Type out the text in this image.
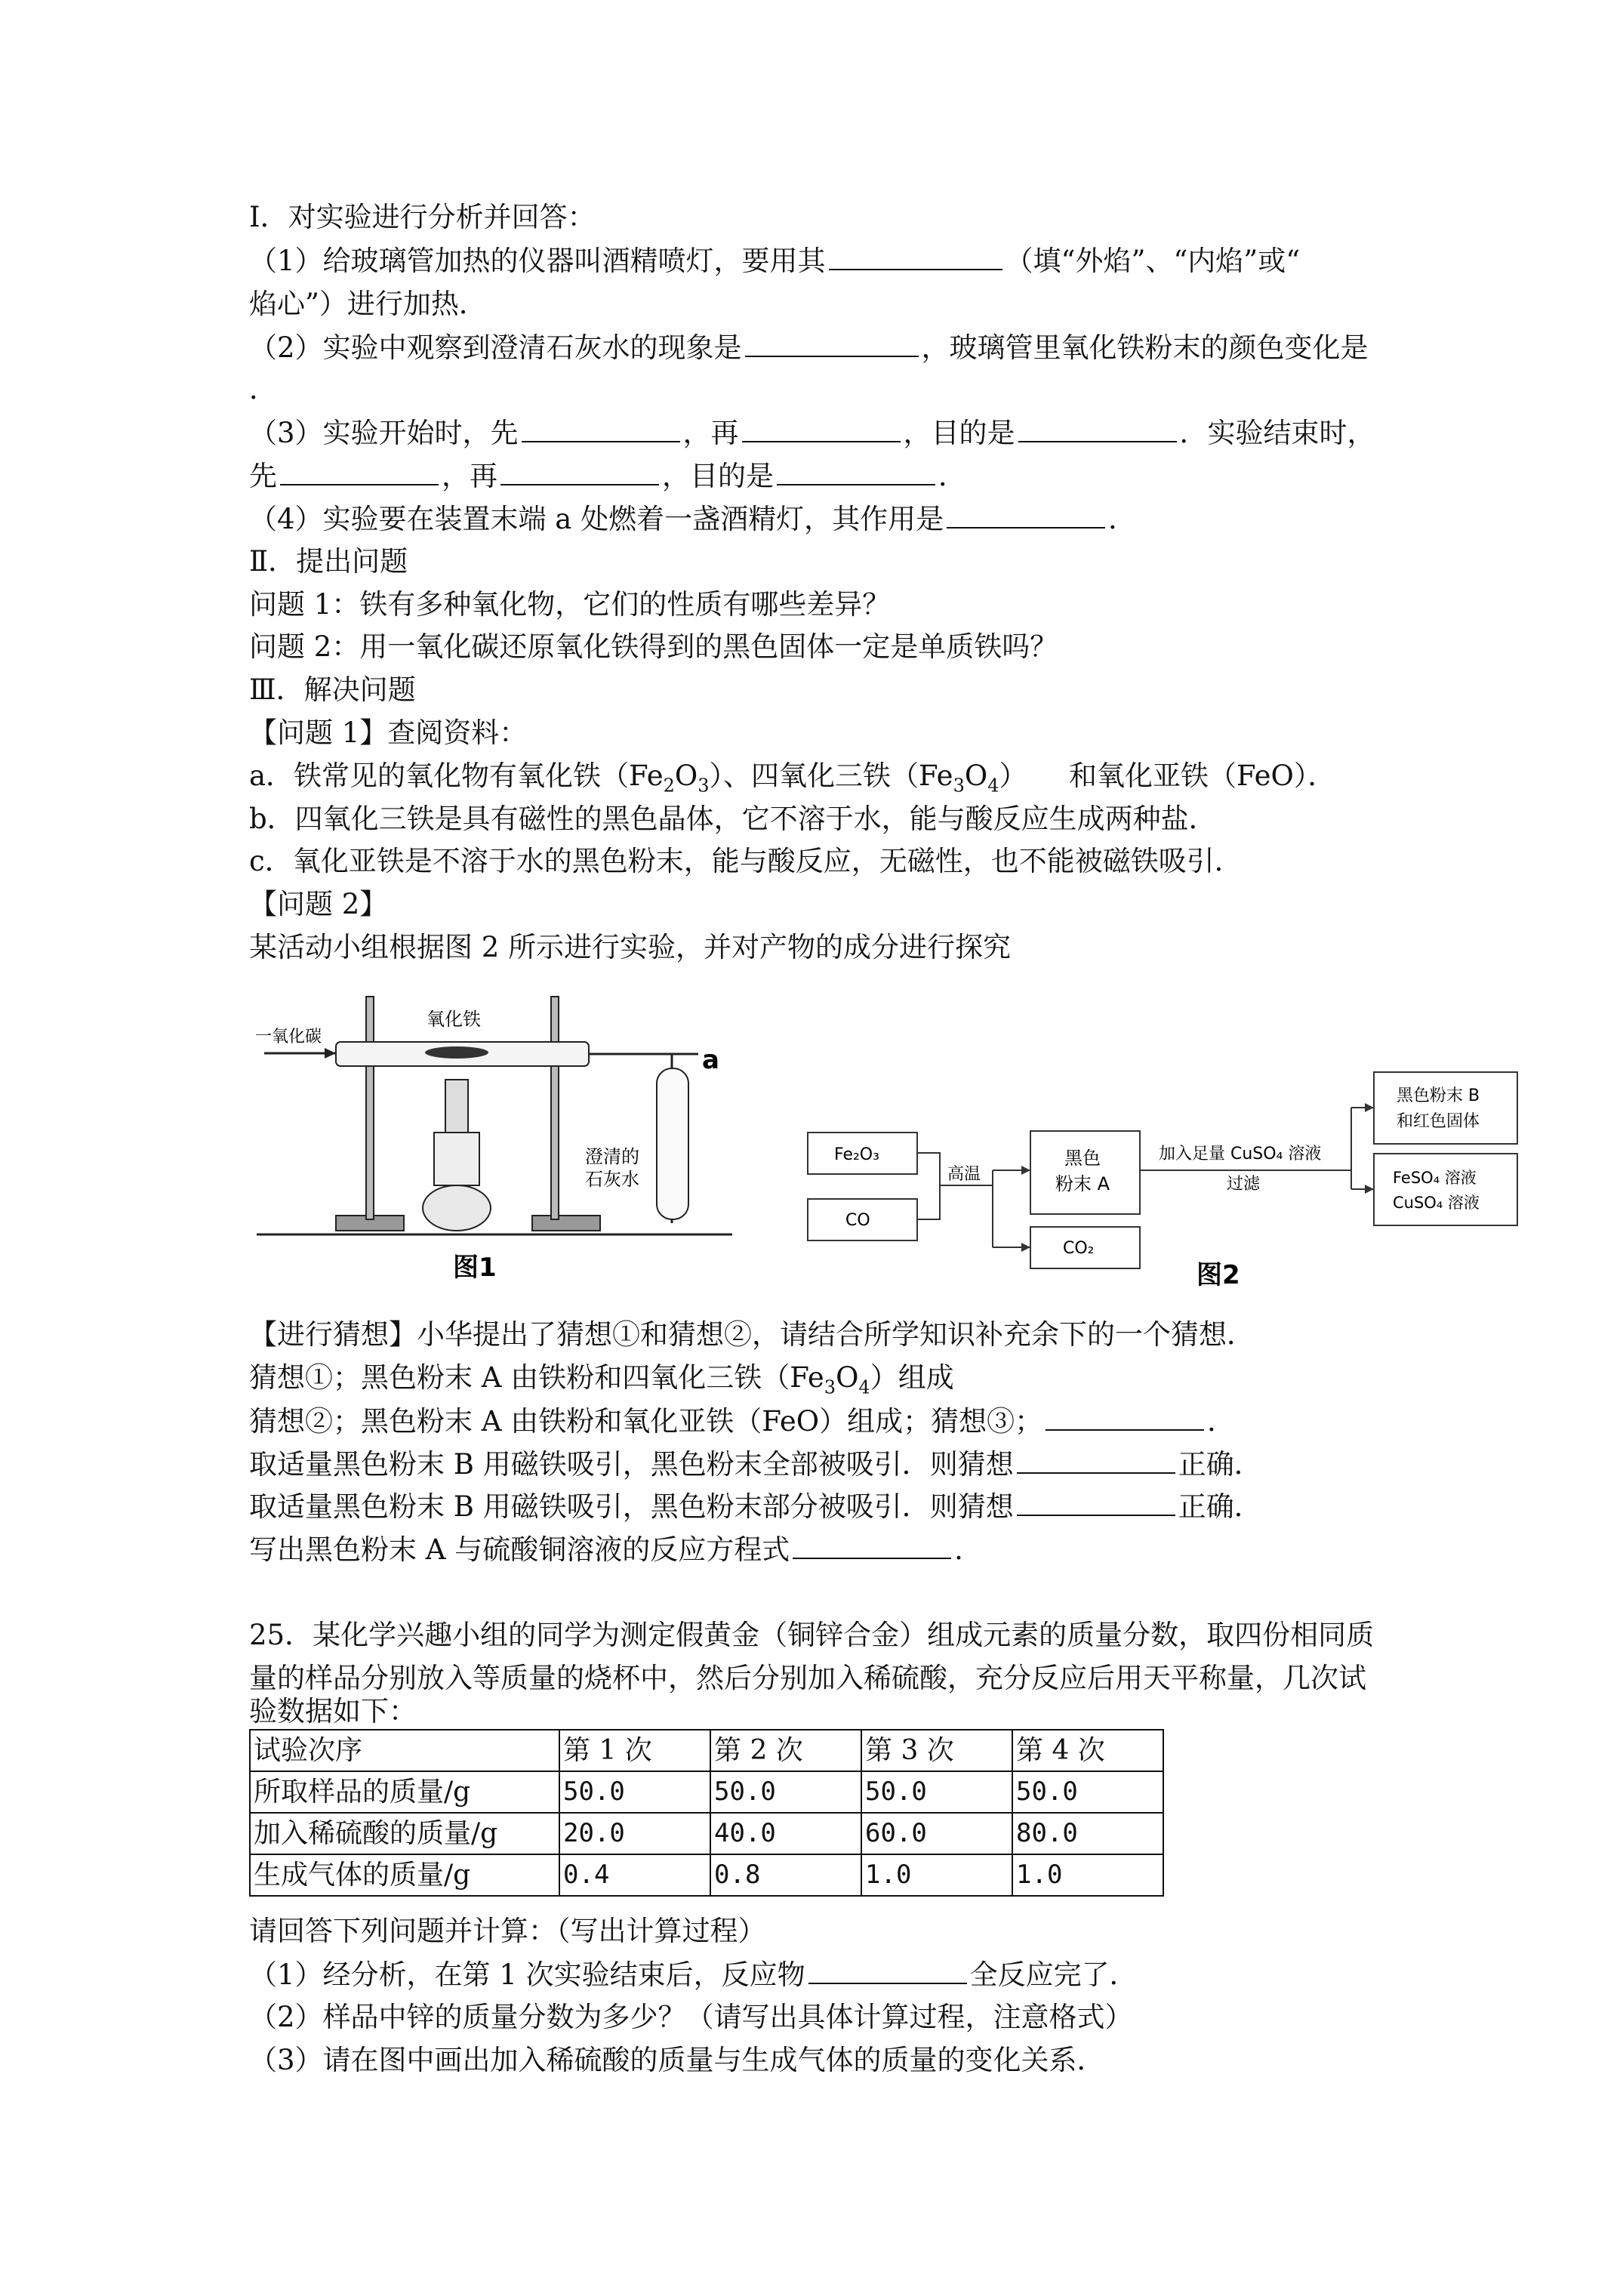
Ⅰ．对实验进行分析并回答：
（1）给玻璃管加热的仪器叫酒精喷灯，要用其	（填“外焰”、“内焰”或“
焰心”）进行加热．
（2）实验中观察到澄清石灰水的现象是	，玻璃管里氧化铁粉末的颜色变化是
．
（3）实验开始时，先	，再	，目的是	．实验结束时，
先	，再	，目的是	．
（4）实验要在装置末端 a 处燃着一盏酒精灯，其作用是	．
Ⅱ．提出问题
问题 1：铁有多种氧化物，它们的性质有哪些差异？
问题 2：用一氧化碳还原氧化铁得到的黑色固体一定是单质铁吗？
Ⅲ．解决问题
【问题 1】查阅资料：
a．铁常见的氧化物有氧化铁$(Fe_2O_3)$、四氧化三铁$(Fe_3O_4)$　　和氧化亚铁（FeO）．
b．四氧化三铁是具有磁性的黑色晶体，它不溶于水，能与酸反应生成两种盐．
c．氧化亚铁是不溶于水的黑色粉末，能与酸反应，无磁性，也不能被磁铁吸引．
【问题 2】
某活动小组根据图 2 所示进行实验，并对产物的成分进行探究
一氧化碳
氧化铁
a
澄清的
石灰水
图1
Fe₂O₃
CO
高温
黑色
粉末 A
CO₂
加入足量 CuSO₄ 溶液
过滤
黑色粉末 B
和红色固体
FeSO₄ 溶液
CuSO₄ 溶液
图2
【进行猜想】小华提出了猜想①和猜想②，请结合所学知识补充余下的一个猜想．
猜想①；黑色粉末 A 由铁粉和四氧化三铁$(Fe_3O_4)$组成
猜想②；黑色粉末 A 由铁粉和氧化亚铁（FeO）组成；猜想③；	．
取适量黑色粉末 B 用磁铁吸引，黑色粉末全部被吸引．则猜想	正确．
取适量黑色粉末 B 用磁铁吸引，黑色粉末部分被吸引．则猜想	正确．
写出黑色粉末 A 与硫酸铜溶液的反应方程式	．
25．某化学兴趣小组的同学为测定假黄金（铜锌合金）组成元素的质量分数，取四份相同质
量的样品分别放入等质量的烧杯中，然后分别加入稀硫酸，充分反应后用天平称量，几次试
验数据如下：
试验次序	第 1 次	第 2 次	第 3 次	第 4 次
所取样品的质量/g	50.0	50.0	50.0	50.0
加入稀硫酸的质量/g	20.0	40.0	60.0	80.0
生成气体的质量/g	0.4	0.8	1.0	1.0
请回答下列问题并计算：（写出计算过程）
（1）经分析，在第 1 次实验结束后，反应物	全反应完了．
（2）样品中锌的质量分数为多少？（请写出具体计算过程，注意格式）
（3）请在图中画出加入稀硫酸的质量与生成气体的质量的变化关系．
